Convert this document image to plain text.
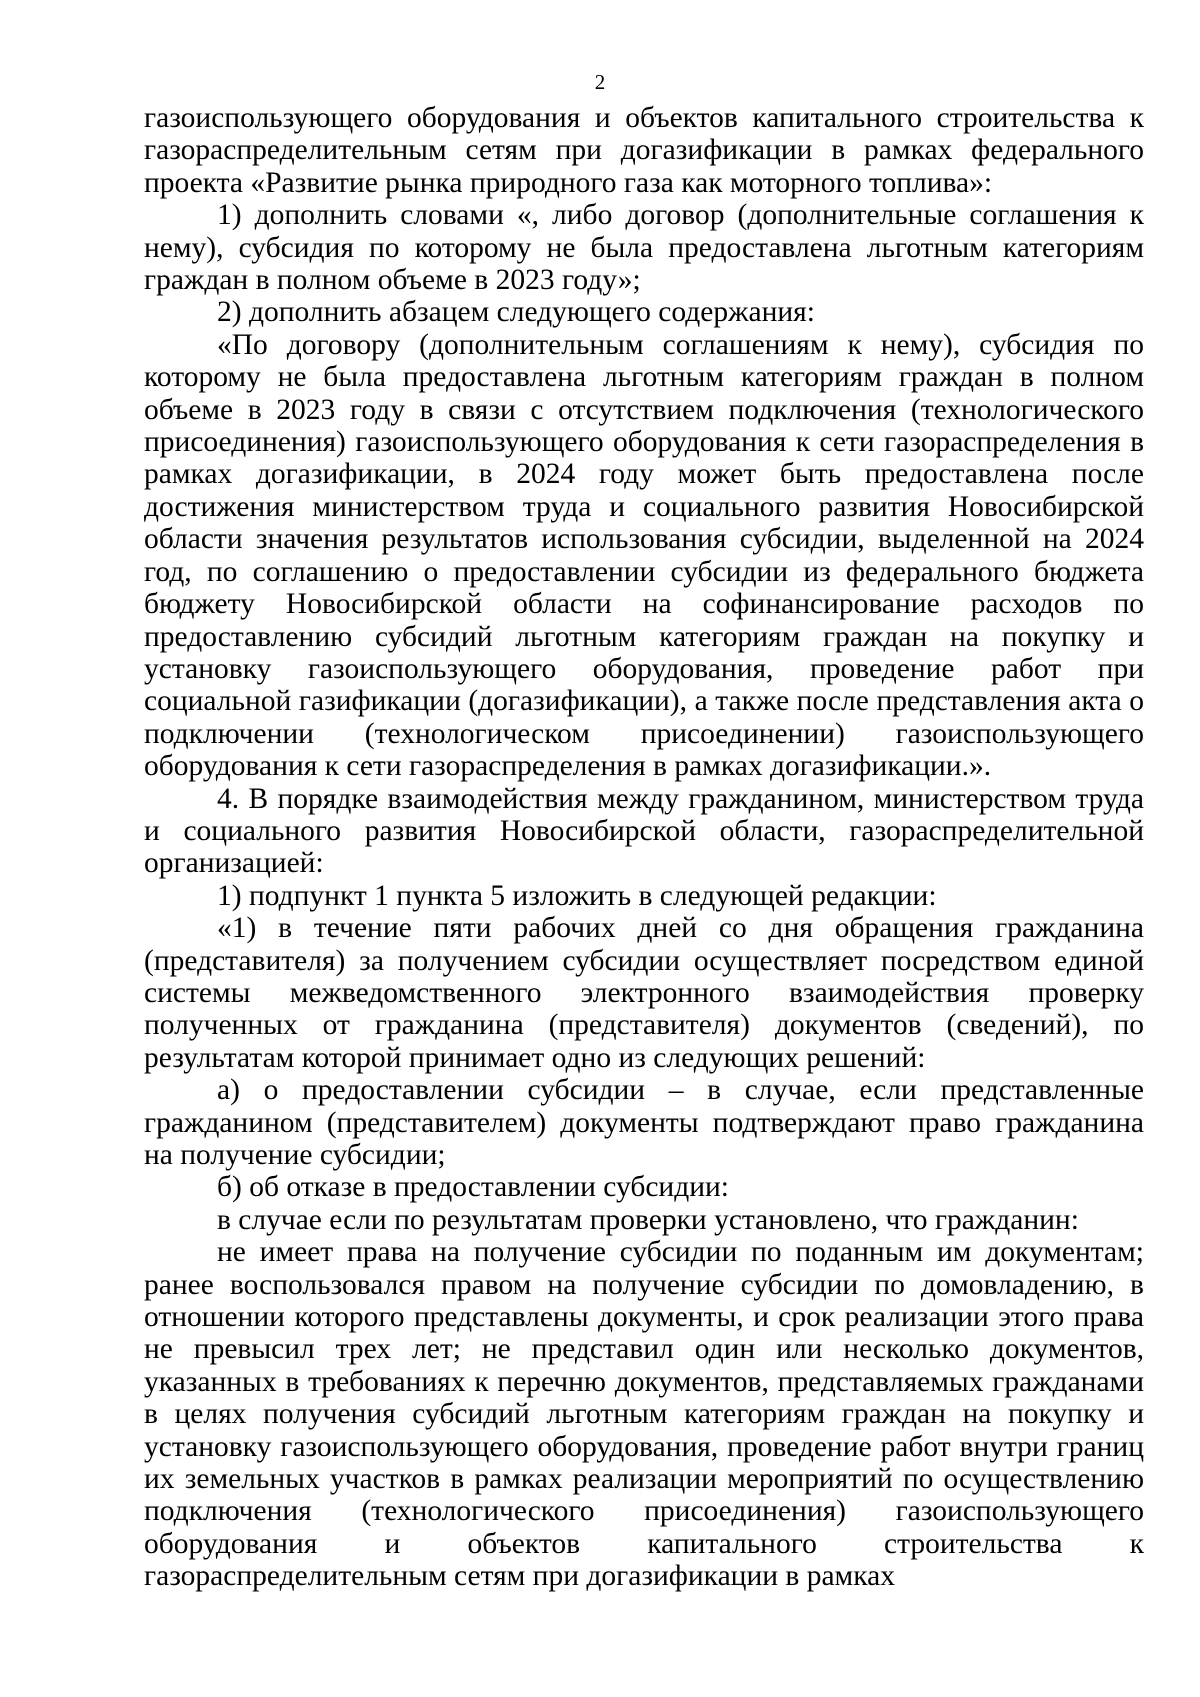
2

газоиспользующего оборудования и объектов капитального строительства к газораспределительным сетям при догазификации в рамках федерального проекта «Развитие рынка природного газа как моторного топлива»:

1) дополнить словами «, либо договор (дополнительные соглашения к нему), субсидия по которому не была предоставлена льготным категориям граждан в полном объеме в 2023 году»;

2) дополнить абзацем следующего содержания:

«По договору (дополнительным соглашениям к нему), субсидия по которому не была предоставлена льготным категориям граждан в полном объеме в 2023 году в связи с отсутствием подключения (технологического присоединения) газоиспользующего оборудования к сети газораспределения в рамках догазификации, в 2024 году может быть предоставлена после достижения министерством труда и социального развития Новосибирской области значения результатов использования субсидии, выделенной на 2024 год, по соглашению о предоставлении субсидии из федерального бюджета бюджету Новосибирской области на софинансирование расходов по предоставлению субсидий льготным категориям граждан на покупку и установку газоиспользующего оборудования, проведение работ при социальной газификации (догазификации), а также после представления акта о подключении (технологическом присоединении) газоиспользующего оборудования к сети газораспределения в рамках догазификации.».

4. В порядке взаимодействия между гражданином, министерством труда и социального развития Новосибирской области, газораспределительной организацией:

1) подпункт 1 пункта 5 изложить в следующей редакции:

«1) в течение пяти рабочих дней со дня обращения гражданина (представителя) за получением субсидии осуществляет посредством единой системы межведомственного электронного взаимодействия проверку полученных от гражданина (представителя) документов (сведений), по результатам которой принимает одно из следующих решений:

а) о предоставлении субсидии – в случае, если представленные гражданином (представителем) документы подтверждают право гражданина на получение субсидии;

б) об отказе в предоставлении субсидии:

в случае если по результатам проверки установлено, что гражданин:

не имеет права на получение субсидии по поданным им документам; ранее воспользовался правом на получение субсидии по домовладению, в отношении которого представлены документы, и срок реализации этого права не превысил трех лет; не представил один или несколько документов, указанных в требованиях к перечню документов, представляемых гражданами в целях получения субсидий льготным категориям граждан на покупку и установку газоиспользующего оборудования, проведение работ внутри границ их земельных участков в рамках реализации мероприятий по осуществлению подключения (технологического присоединения) газоиспользующего оборудования и объектов капитального строительства к газораспределительным сетям при догазификации в рамках
